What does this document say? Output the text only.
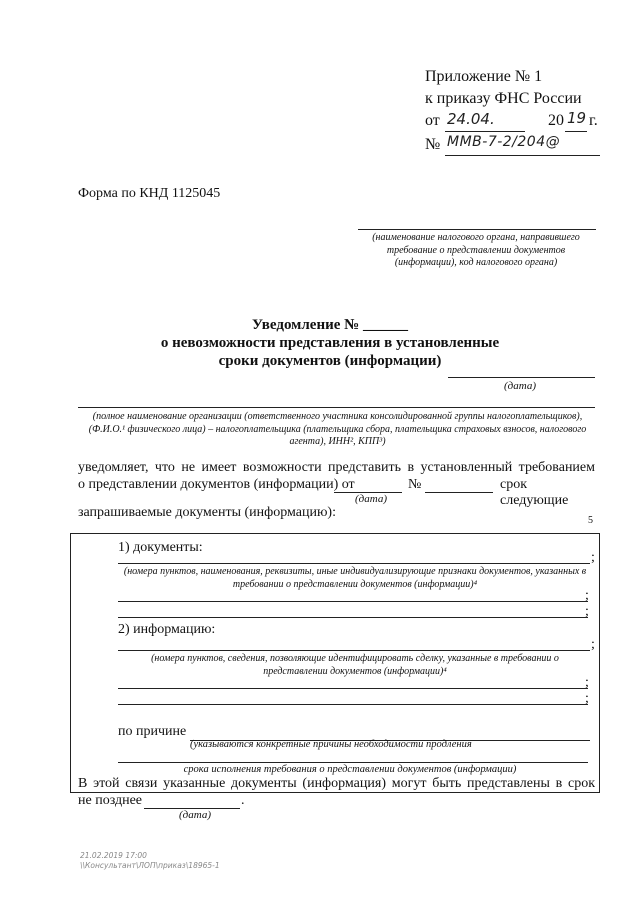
Приложение № 1
к приказу ФНС России
от 24.04.	20 19 г.
№ ММВ-7-2/204@
Форма по КНД 1125045
(наименование налогового органа, направившего требование о представлении документов (информации), код налогового органа)
Уведомление № ______
о невозможности представления в установленные
сроки документов (информации)
(дата)
(полное наименование организации (ответственного участника консолидированной группы налогоплательщиков), (Ф.И.О.¹ физического лица) – налогоплательщика (плательщика сбора, плательщика страховых взносов, налогового агента), ИНН², КПП³)
уведомляет, что не имеет возможности представить в установленный требованием
о представлении документов (информации) от	№	срок следующие
(дата)
запрашиваемые документы (информацию):
5
1) документы:
;
(номера пунктов, наименования, реквизиты, иные индивидуализирующие признаки документов, указанных в требовании о представлении документов (информации)⁴
;
;
2) информацию:
;
(номера пунктов, сведения, позволяющие идентифицировать сделку, указанные в требовании о представлении документов (информации)⁴
;
;
по причине
(указываются конкретные причины необходимости продления
срока исполнения требования о представлении документов (информации)
В этой связи указанные документы (информация) могут быть представлены в срок
не позднее	.
(дата)
21.02.2019 17:00
\\Консультант\ЛОП\приказ\18965-1
